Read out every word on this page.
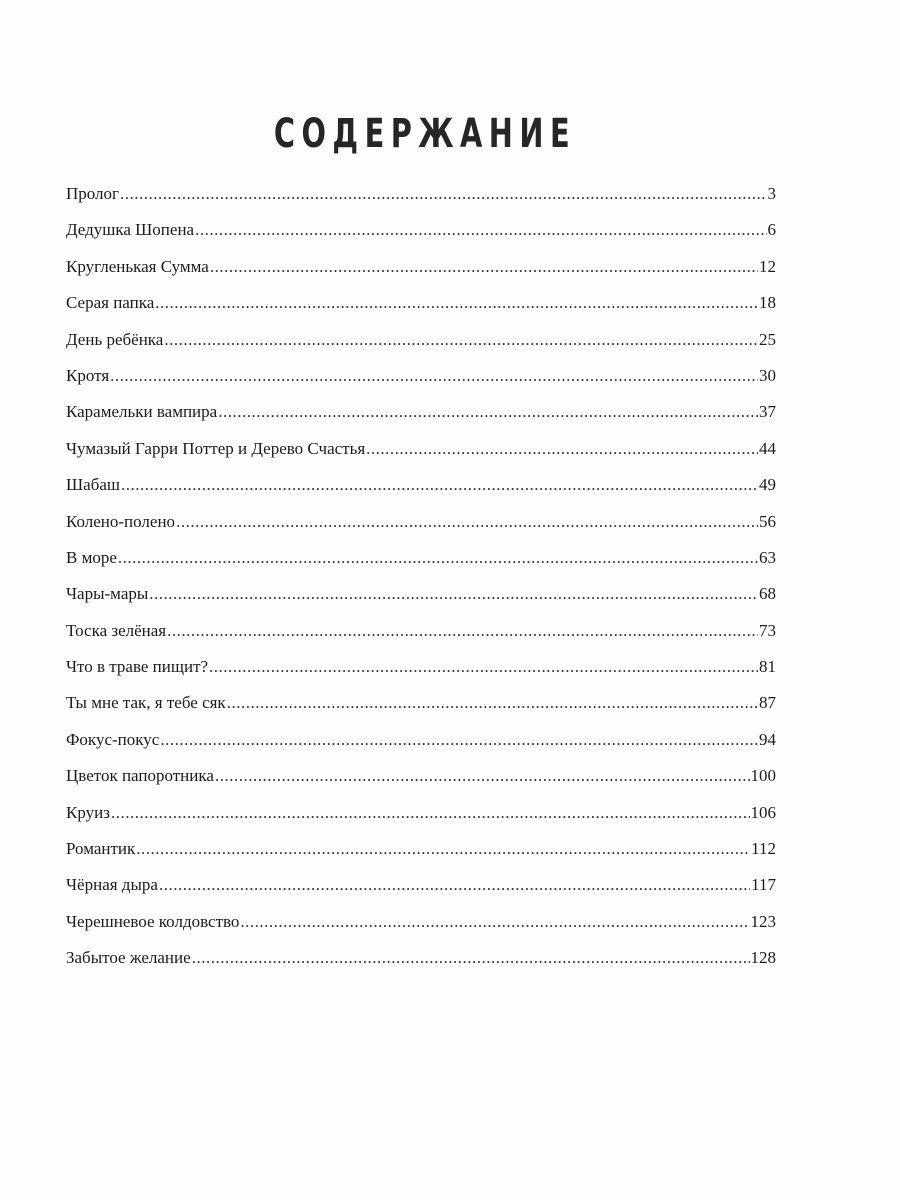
СОДЕРЖАНИЕ
Пролог .....	3
Дедушка Шопена .....	6
Кругленькая Сумма .....	12
Серая папка .....	18
День ребёнка .....	25
Кротя .....	30
Карамельки вампира .....	37
Чумазый Гарри Поттер и Дерево Счастья .....	44
Шабаш .....	49
Колено-полено .....	56
В море .....	63
Чары-мары .....	68
Тоска зелёная .....	73
Что в траве пищит? .....	81
Ты мне так, я тебе сяк .....	87
Фокус-покус .....	94
Цветок папоротника .....	100
Круиз .....	106
Романтик .....	112
Чёрная дыра .....	117
Черешневое колдовство .....	123
Забытое желание .....	128
